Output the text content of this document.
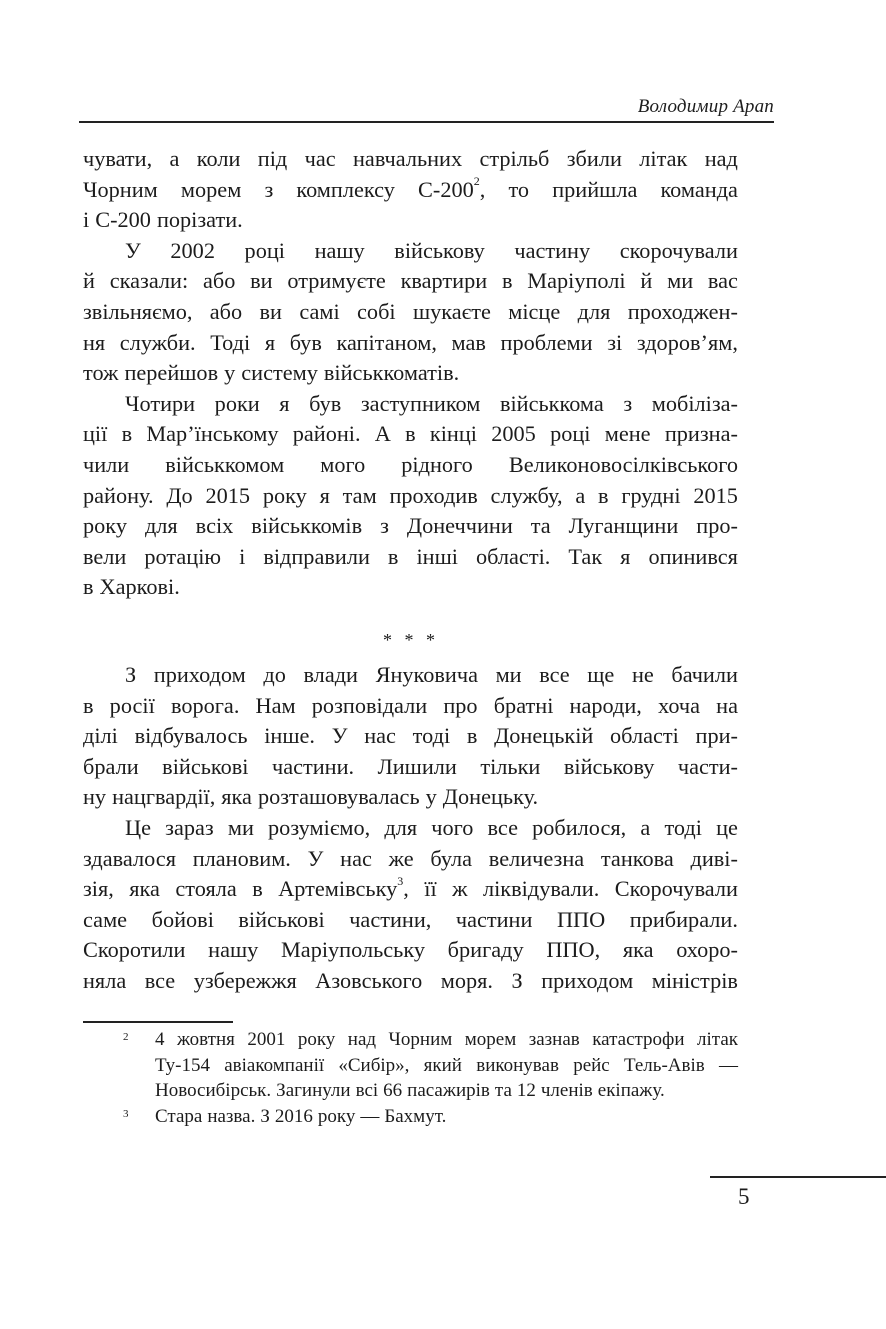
Володимир Арап
чувати, а коли під час навчальних стрільб збили літак над
Чорним морем з комплексу С-200$^2$, то прийшла команда
і С-200 порізати.
У 2002 році нашу військову частину скорочували
й сказали: або ви отримуєте квартири в Маріуполі й ми вас
звільняємо, або ви самі собі шукаєте місце для проходжен-
ня служби. Тоді я був капітаном, мав проблеми зі здоров’ям,
тож перейшов у систему військкоматів.
Чотири роки я був заступником військкома з мобіліза-
ції в Мар’їнському районі. А в кінці 2005 році мене призна-
чили військкомом мого рідного Великоновосілківського
району. До 2015 року я там проходив службу, а в грудні 2015
року для всіх військкомів з Донеччини та Луганщини про-
вели ротацію і відправили в інші області. Так я опинився
в Харкові.
* * *
З приходом до влади Януковича ми все ще не бачили
в росії ворога. Нам розповідали про братні народи, хоча на
ділі відбувалось інше. У нас тоді в Донецькій області при-
брали військові частини. Лишили тільки військову части-
ну нацгвардії, яка розташовувалась у Донецьку.
Це зараз ми розуміємо, для чого все робилося, а тоді це
здавалося плановим. У нас же була величезна танкова диві-
зія, яка стояла в Артемівську$^3$, її ж ліквідували. Скорочували
саме бойові військові частини, частини ППО прибирали.
Скоротили нашу Маріупольську бригаду ППО, яка охоро-
няла все узбережжя Азовського моря. З приходом міністрів
2 4 жовтня 2001 року над Чорним морем зазнав катастрофи літак
Ту-154 авіакомпанії «Сибір», який виконував рейс Тель-Авів —
Новосибірськ. Загинули всі 66 пасажирів та 12 членів екіпажу.
3 Стара назва. З 2016 року — Бахмут.
5
